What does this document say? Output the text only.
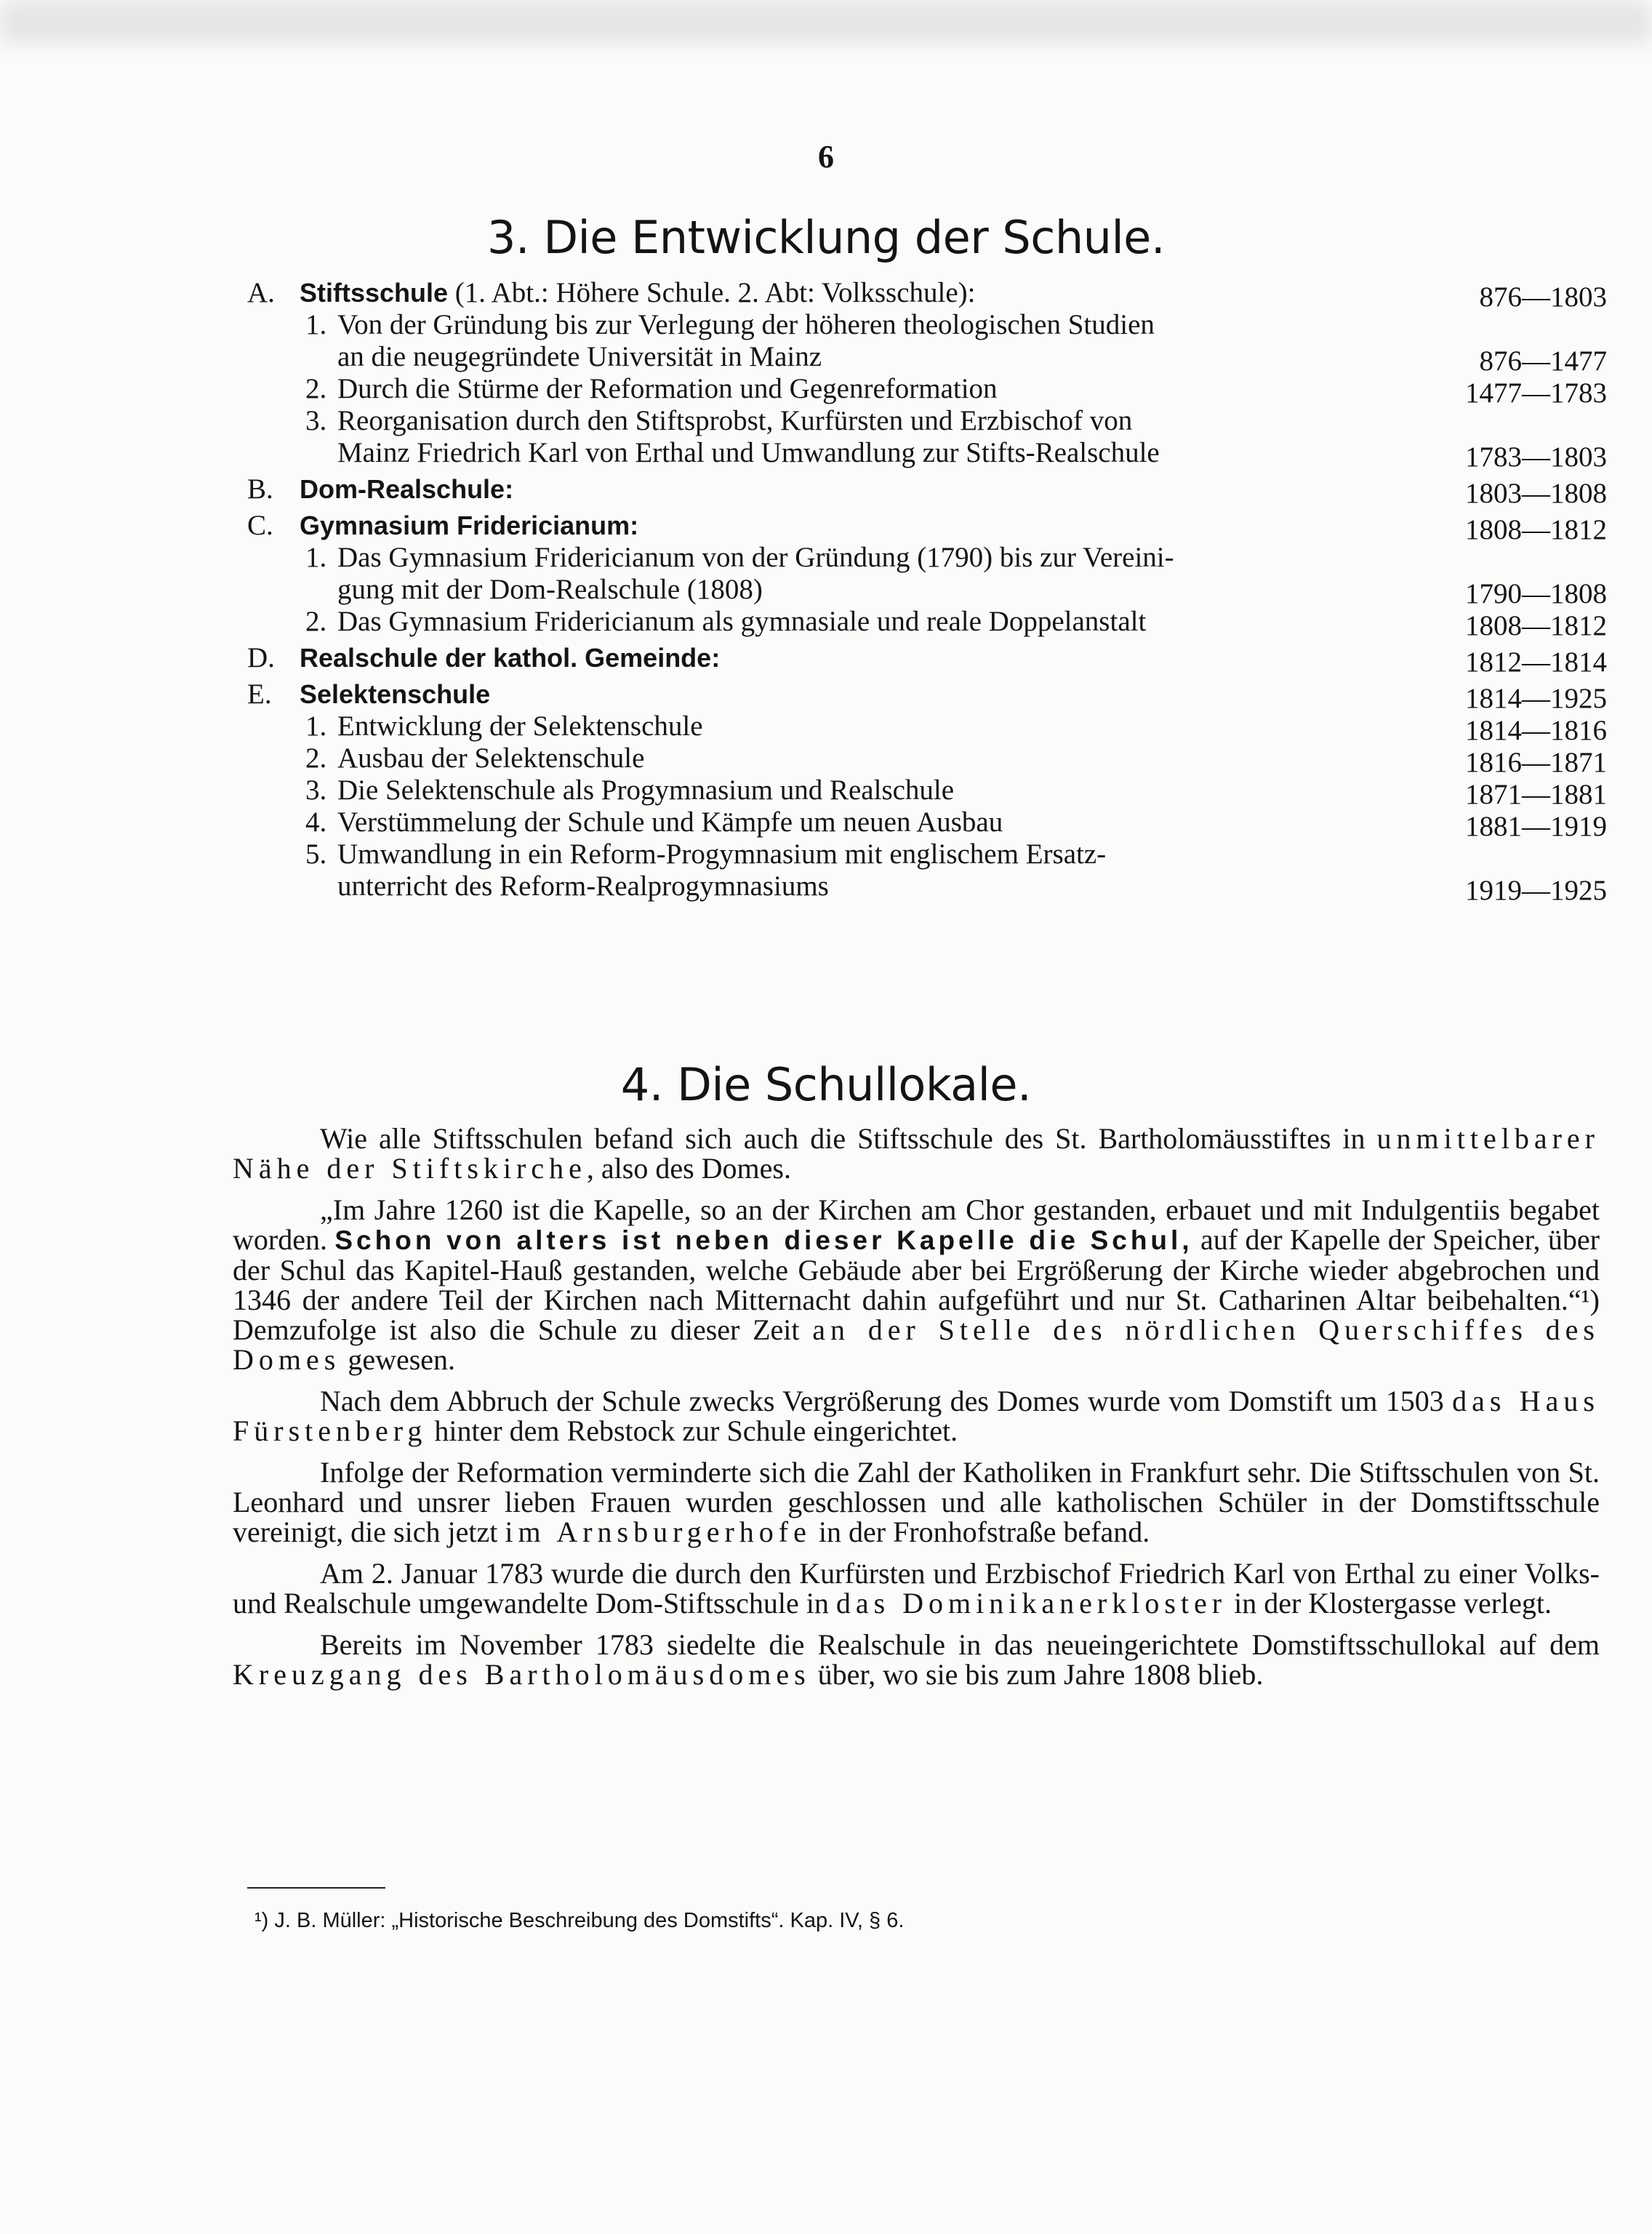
6
3. Die Entwicklung der Schule.
A. Stiftsschule (1. Abt.: Höhere Schule. 2. Abt: Volksschule):	876—1803
1. Von der Gründung bis zur Verlegung der höheren theologischen Studien
an die neugegründete Universität in Mainz	876—1477
2. Durch die Stürme der Reformation und Gegenreformation	1477—1783
3. Reorganisation durch den Stiftsprobst, Kurfürsten und Erzbischof von
Mainz Friedrich Karl von Erthal und Umwandlung zur Stifts-Realschule	1783—1803
B. Dom-Realschule:	1803—1808
C. Gymnasium Fridericianum:	1808—1812
1. Das Gymnasium Fridericianum von der Gründung (1790) bis zur Vereini-
gung mit der Dom-Realschule (1808)	1790—1808
2. Das Gymnasium Fridericianum als gymnasiale und reale Doppelanstalt	1808—1812
D. Realschule der kathol. Gemeinde:	1812—1814
E. Selektenschule	1814—1925
1. Entwicklung der Selektenschule	1814—1816
2. Ausbau der Selektenschule	1816—1871
3. Die Selektenschule als Progymnasium und Realschule	1871—1881
4. Verstümmelung der Schule und Kämpfe um neuen Ausbau	1881—1919
5. Umwandlung in ein Reform-Progymnasium mit englischem Ersatz-
unterricht des Reform-Realprogymnasiums	1919—1925
4. Die Schullokale.

Wie alle Stiftsschulen befand sich auch die Stiftsschule des St. Bartholomäusstiftes in unmittelbarer Nähe der Stiftskirche, also des Domes.

„Im Jahre 1260 ist die Kapelle, so an der Kirchen am Chor gestanden, erbauet und mit Indulgentiis begabet worden. Schon von alters ist neben dieser Kapelle die Schul, auf der Kapelle der Speicher, über der Schul das Kapitel-Hauß gestanden, welche Gebäude aber bei Ergrößerung der Kirche wieder abgebrochen und 1346 der andere Teil der Kirchen nach Mitternacht dahin aufgeführt und nur St. Catharinen Altar beibehalten.“¹) Demzufolge ist also die Schule zu dieser Zeit an der Stelle des nördlichen Querschiffes des Domes gewesen.

Nach dem Abbruch der Schule zwecks Vergrößerung des Domes wurde vom Domstift um 1503 das Haus Fürstenberg hinter dem Rebstock zur Schule eingerichtet.

Infolge der Reformation verminderte sich die Zahl der Katholiken in Frankfurt sehr. Die Stiftsschulen von St. Leonhard und unsrer lieben Frauen wurden geschlossen und alle katholischen Schüler in der Domstiftsschule vereinigt, die sich jetzt im Arnsburgerhofe in der Fronhofstraße befand.

Am 2. Januar 1783 wurde die durch den Kurfürsten und Erzbischof Friedrich Karl von Erthal zu einer Volks- und Realschule umgewandelte Dom-Stiftsschule in das Dominikanerkloster in der Klostergasse verlegt.

Bereits im November 1783 siedelte die Realschule in das neueingerichtete Domstiftsschullokal auf dem Kreuzgang des Bartholomäusdomes über, wo sie bis zum Jahre 1808 blieb.

¹) J. B. Müller: „Historische Beschreibung des Domstifts“. Kap. IV, § 6.
